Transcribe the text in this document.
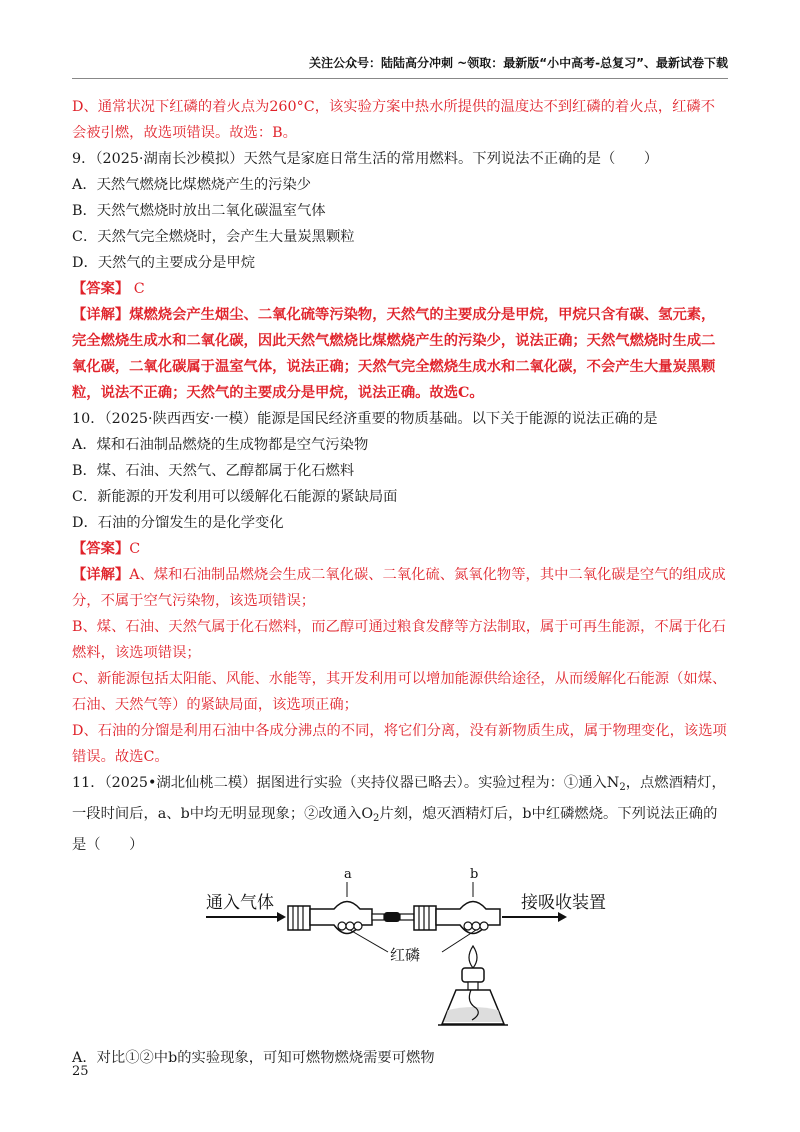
关注公众号：陆陆高分冲刺 ~领取：最新版“小中高考-总复习”、最新试卷下载

D、通常状况下红磷的着火点为260°C，该实验方案中热水所提供的温度达不到红磷的着火点，红磷不会被引燃，故选项错误。故选：B。

9．（2025·湖南长沙模拟）天然气是家庭日常生活的常用燃料。下列说法不正确的是（　　）

A．天然气燃烧比煤燃烧产生的污染少

B．天然气燃烧时放出二氧化碳温室气体

C．天然气完全燃烧时，会产生大量炭黑颗粒

D．天然气的主要成分是甲烷

【答案】 C

【详解】煤燃烧会产生烟尘、二氧化硫等污染物，天然气的主要成分是甲烷，甲烷只含有碳、氢元素，完全燃烧生成水和二氧化碳，因此天然气燃烧比煤燃烧产生的污染少，说法正确；天然气燃烧时生成二氧化碳，二氧化碳属于温室气体，说法正确；天然气完全燃烧生成水和二氧化碳，不会产生大量炭黑颗粒，说法不正确；天然气的主要成分是甲烷，说法正确。故选C。

10．（2025·陕西西安·一模）能源是国民经济重要的物质基础。以下关于能源的说法正确的是

A．煤和石油制品燃烧的生成物都是空气污染物

B．煤、石油、天然气、乙醇都属于化石燃料

C．新能源的开发利用可以缓解化石能源的紧缺局面

D．石油的分馏发生的是化学变化

【答案】C

【详解】A、煤和石油制品燃烧会生成二氧化碳、二氧化硫、氮氧化物等，其中二氧化碳是空气的组成成分，不属于空气污染物，该选项错误；

B、煤、石油、天然气属于化石燃料，而乙醇可通过粮食发酵等方法制取，属于可再生能源，不属于化石燃料，该选项错误；

C、新能源包括太阳能、风能、水能等，其开发利用可以增加能源供给途径，从而缓解化石能源（如煤、石油、天然气等）的紧缺局面，该选项正确；

D、石油的分馏是利用石油中各成分沸点的不同，将它们分离，没有新物质生成，属于物理变化，该选项错误。故选C。

11．（2025•湖北仙桃二模）据图进行实验（夹持仪器已略去）。实验过程为：①通入$N_2$，点燃酒精灯，一段时间后，a、b中均无明显现象；②改通入$O_2$片刻，熄灭酒精灯后，b中红磷燃烧。下列说法正确的是（　　）

通入气体
a	b
接吸收装置
红磷

A．对比①②中b的实验现象，可知可燃物燃烧需要可燃物

25
